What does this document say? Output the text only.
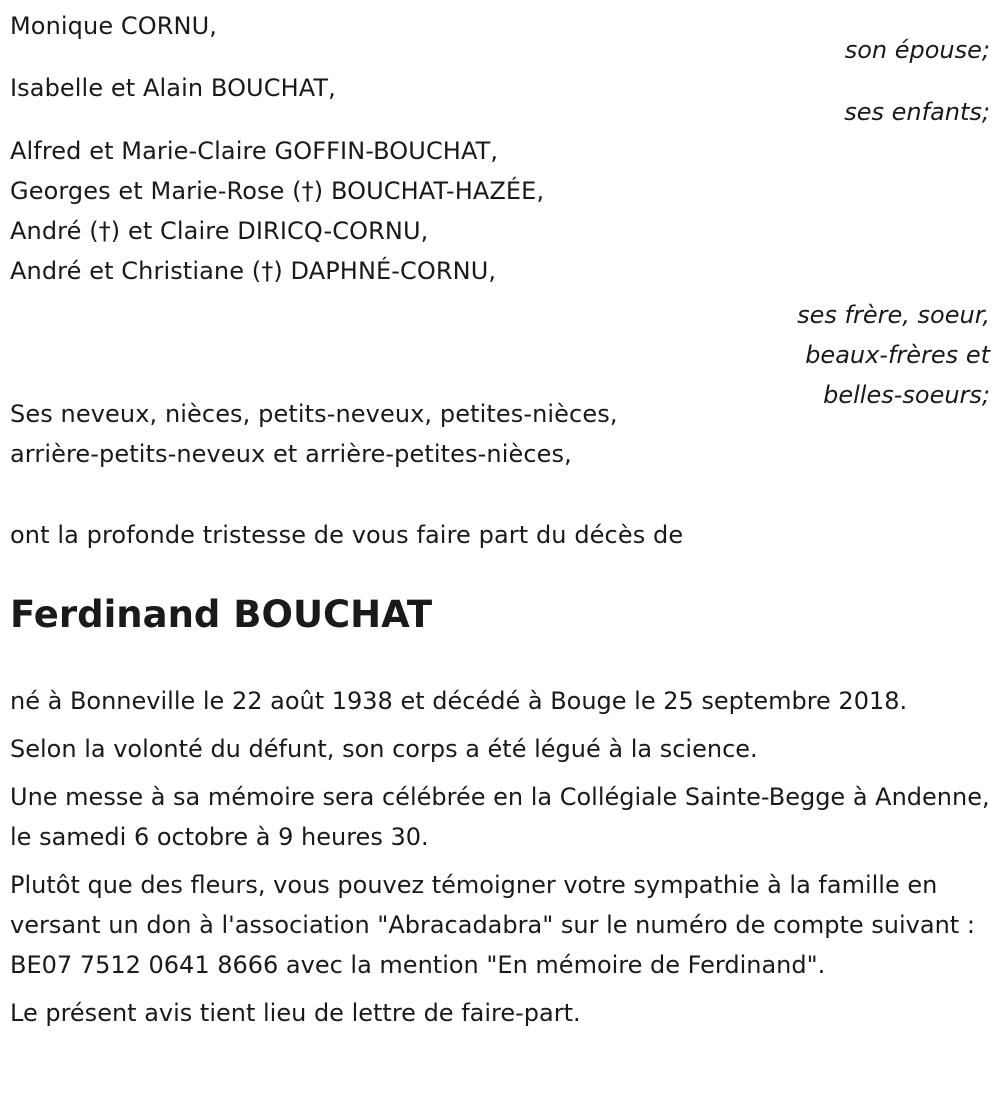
Monique CORNU,
son épouse;
Isabelle et Alain BOUCHAT,
ses enfants;
Alfred et Marie-Claire GOFFIN-BOUCHAT,
Georges et Marie-Rose (†) BOUCHAT-HAZÉE,
André (†) et Claire DIRICQ-CORNU,
André et Christiane (†) DAPHNÉ-CORNU,
ses frère, soeur,
beaux-frères et
belles-soeurs;
Ses neveux, nièces, petits-neveux, petites-nièces,
arrière-petits-neveux et arrière-petites-nièces,
ont la profonde tristesse de vous faire part du décès de
Ferdinand BOUCHAT

né à Bonneville le 22 août 1938 et décédé à Bouge le 25 septembre 2018.

Selon la volonté du défunt, son corps a été légué à la science.

Une messe à sa mémoire sera célébrée en la Collégiale Sainte-Begge à Andenne, le samedi 6 octobre à 9 heures 30.

Plutôt que des fleurs, vous pouvez témoigner votre sympathie à la famille en versant un don à l'association "Abracadabra" sur le numéro de compte suivant : BE07 7512 0641 8666 avec la mention "En mémoire de Ferdinand".

Le présent avis tient lieu de lettre de faire-part.
